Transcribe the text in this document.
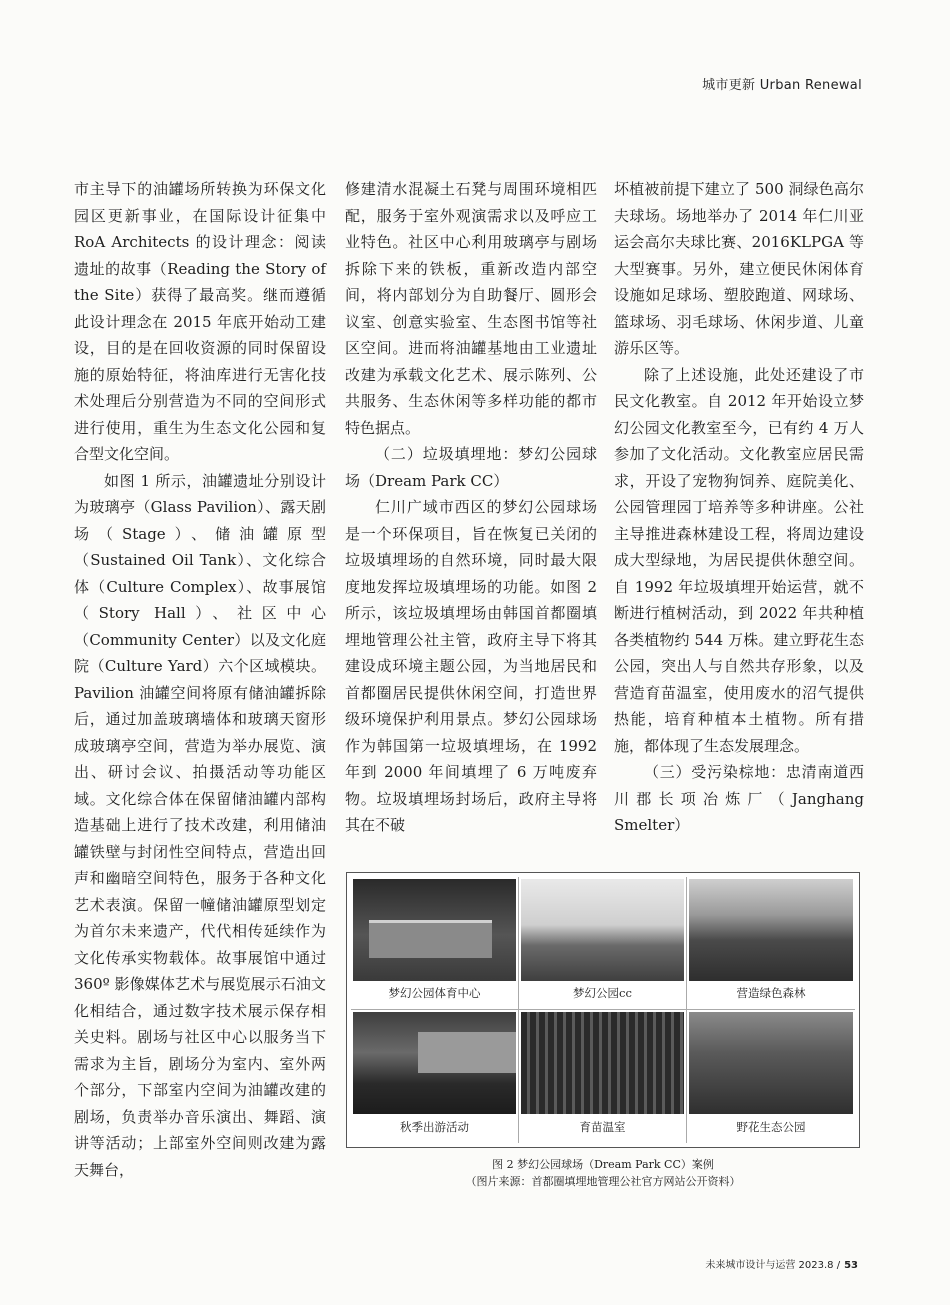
城市更新 Urban Renewal

市主导下的油罐场所转换为环保文化园区更新事业，在国际设计征集中 RoA Architects 的设计理念：阅读遗址的故事（Reading the Story of the Site）获得了最高奖。继而遵循此设计理念在 2015 年底开始动工建设，目的是在回收资源的同时保留设施的原始特征，将油库进行无害化技术处理后分别营造为不同的空间形式进行使用，重生为生态文化公园和复合型文化空间。

如图 1 所示，油罐遗址分别设计为玻璃亭（Glass Pavilion）、露天剧场（Stage）、储油罐原型（Sustained Oil Tank）、文化综合体（Culture Complex）、故事展馆（Story Hall）、社区中心（Community Center）以及文化庭院（Culture Yard）六个区域模块。Pavilion 油罐空间将原有储油罐拆除后，通过加盖玻璃墙体和玻璃天窗形成玻璃亭空间，营造为举办展览、演出、研讨会议、拍摄活动等功能区域。文化综合体在保留储油罐内部构造基础上进行了技术改建，利用储油罐铁壁与封闭性空间特点，营造出回声和幽暗空间特色，服务于各种文化艺术表演。保留一幢储油罐原型划定为首尔未来遗产，代代相传延续作为文化传承实物载体。故事展馆中通过 360º 影像媒体艺术与展览展示石油文化相结合，通过数字技术展示保存相关史料。剧场与社区中心以服务当下需求为主旨，剧场分为室内、室外两个部分，下部室内空间为油罐改建的剧场，负责举办音乐演出、舞蹈、演讲等活动；上部室外空间则改建为露天舞台，

修建清水混凝土石凳与周围环境相匹配，服务于室外观演需求以及呼应工业特色。社区中心利用玻璃亭与剧场拆除下来的铁板，重新改造内部空间，将内部划分为自助餐厅、圆形会议室、创意实验室、生态图书馆等社区空间。进而将油罐基地由工业遗址改建为承载文化艺术、展示陈列、公共服务、生态休闲等多样功能的都市特色据点。

（二）垃圾填埋地：梦幻公园球场（Dream Park CC）

仁川广域市西区的梦幻公园球场是一个环保项目，旨在恢复已关闭的垃圾填埋场的自然环境，同时最大限度地发挥垃圾填埋场的功能。如图 2 所示，该垃圾填埋场由韩国首都圈填埋地管理公社主管，政府主导下将其建设成环境主题公园，为当地居民和首都圈居民提供休闲空间，打造世界级环境保护利用景点。梦幻公园球场作为韩国第一垃圾填埋场，在 1992 年到 2000 年间填埋了 6 万吨废弃物。垃圾填埋场封场后，政府主导将其在不破

坏植被前提下建立了 500 洞绿色高尔夫球场。场地举办了 2014 年仁川亚运会高尔夫球比赛、2016KLPGA 等大型赛事。另外，建立便民休闲体育设施如足球场、塑胶跑道、网球场、篮球场、羽毛球场、休闲步道、儿童游乐区等。

除了上述设施，此处还建设了市民文化教室。自 2012 年开始设立梦幻公园文化教室至今，已有约 4 万人参加了文化活动。文化教室应居民需求，开设了宠物狗饲养、庭院美化、公园管理园丁培养等多种讲座。公社主导推进森林建设工程，将周边建设成大型绿地，为居民提供休憩空间。自 1992 年垃圾填埋开始运营，就不断进行植树活动，到 2022 年共种植各类植物约 544 万株。建立野花生态公园，突出人与自然共存形象，以及营造育苗温室，使用废水的沼气提供热能，培育种植本土植物。所有措施，都体现了生态发展理念。

（三）受污染棕地：忠清南道西川郡长项冶炼厂（Janghang Smelter）

梦幻公园体育中心	梦幻公园cc	营造绿色森林
秋季出游活动	育苗温室	野花生态公园
图 2 梦幻公园球场（Dream Park CC）案例
（图片来源：首都圈填埋地管理公社官方网站公开资料）
未来城市设计与运营 2023.8 / 53
